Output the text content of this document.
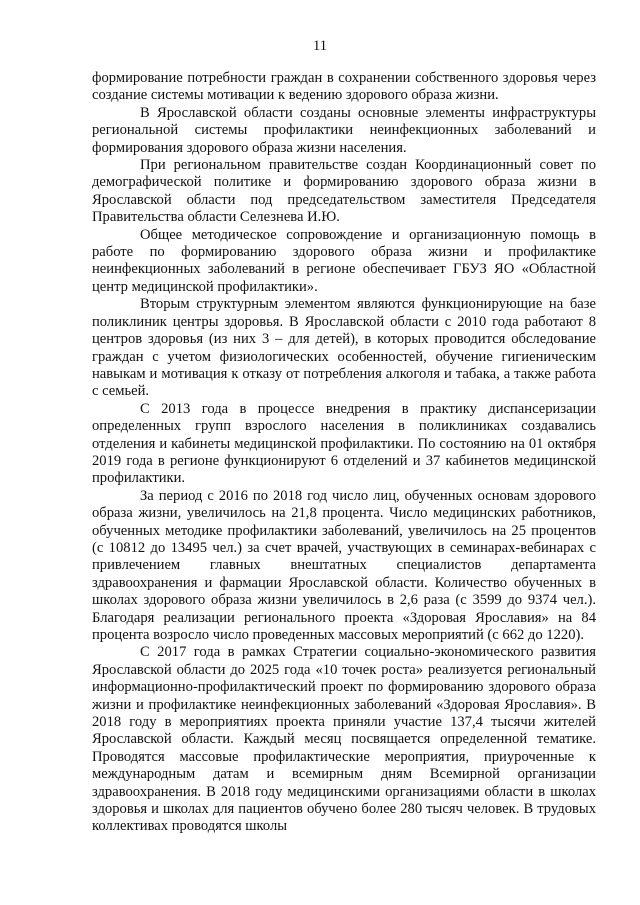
11

формирование потребности граждан в сохранении собственного здоровья через создание системы мотивации к ведению здорового образа жизни.

В Ярославской области созданы основные элементы инфраструктуры региональной системы профилактики неинфекционных заболеваний и формирования здорового образа жизни населения.

При региональном правительстве создан Координационный совет по демографической политике и формированию здорового образа жизни в Ярославской области под председательством заместителя Председателя Правительства области Селезнева И.Ю.

Общее методическое сопровождение и организационную помощь в работе по формированию здорового образа жизни и профилактике неинфекционных заболеваний в регионе обеспечивает ГБУЗ ЯО «Областной центр медицинской профилактики».

Вторым структурным элементом являются функционирующие на базе поликлиник центры здоровья. В Ярославской области с 2010 года работают 8 центров здоровья (из них 3 – для детей), в которых проводится обследование граждан с учетом физиологических особенностей, обучение гигиеническим навыкам и мотивация к отказу от потребления алкоголя и табака, а также работа с семьей.

С 2013 года в процессе внедрения в практику диспансеризации определенных групп взрослого населения в поликлиниках создавались отделения и кабинеты медицинской профилактики. По состоянию на 01 октября 2019 года в регионе функционируют 6 отделений и 37 кабинетов медицинской профилактики.

За период с 2016 по 2018 год число лиц, обученных основам здорового образа жизни, увеличилось на 21,8 процента. Число медицинских работников, обученных методике профилактики заболеваний, увеличилось на 25 процентов (с 10812 до 13495 чел.) за счет врачей, участвующих в семинарах-вебинарах с привлечением главных внештатных специалистов департамента здравоохранения и фармации Ярославской области. Количество обученных в школах здорового образа жизни увеличилось в 2,6 раза (с 3599 до 9374 чел.). Благодаря реализации регионального проекта «Здоровая Ярославия» на 84 процента возросло число проведенных массовых мероприятий (с 662 до 1220).

С 2017 года в рамках Стратегии социально-экономического развития Ярославской области до 2025 года «10 точек роста» реализуется региональный информационно-профилактический проект по формированию здорового образа жизни и профилактике неинфекционных заболеваний «Здоровая Ярославия». В 2018 году в мероприятиях проекта приняли участие 137,4 тысячи жителей Ярославской области. Каждый месяц посвящается определенной тематике. Проводятся массовые профилактические мероприятия, приуроченные к международным датам и всемирным дням Всемирной организации здравоохранения. В 2018 году медицинскими организациями области в школах здоровья и школах для пациентов обучено более 280 тысяч человек. В трудовых коллективах проводятся школы
